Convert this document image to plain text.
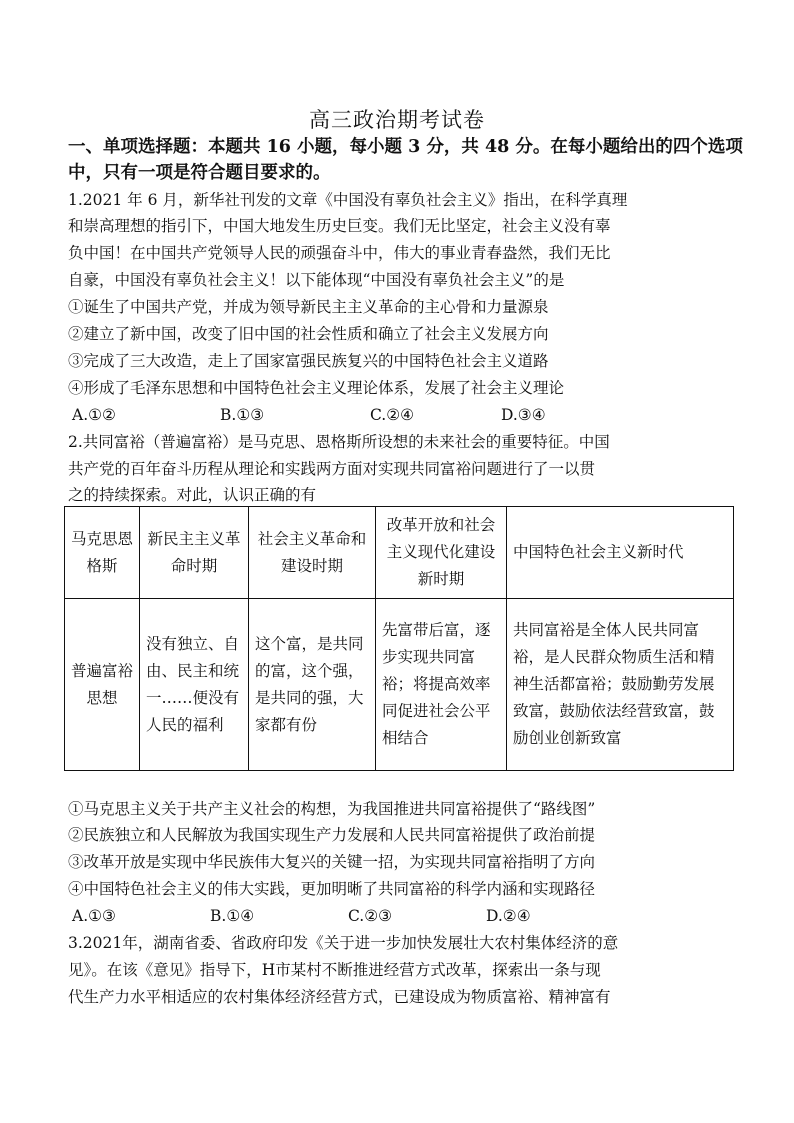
高三政治期考试卷
一、单项选择题：本题共 16 小题，每小题 3 分，共 48 分。在每小题给出的四个选项中，只有一项是符合题目要求的。
1.2021 年 6 月，新华社刊发的文章《中国没有辜负社会主义》指出，在科学真理
和崇高理想的指引下，中国大地发生历史巨变。我们无比坚定，社会主义没有辜
负中国！在中国共产党领导人民的顽强奋斗中，伟大的事业青春盎然，我们无比
自豪，中国没有辜负社会主义！以下能体现“中国没有辜负社会主义”的是
①诞生了中国共产党，并成为领导新民主主义革命的主心骨和力量源泉
②建立了新中国，改变了旧中国的社会性质和确立了社会主义发展方向
③完成了三大改造，走上了国家富强民族复兴的中国特色社会主义道路
④形成了毛泽东思想和中国特色社会主义理论体系，发展了社会主义理论
A.①②	B.①③	C.②④	D.③④
2.共同富裕（普遍富裕）是马克思、恩格斯所设想的未来社会的重要特征。中国
共产党的百年奋斗历程从理论和实践两方面对实现共同富裕问题进行了一以贯
之的持续探索。对此，认识正确的有
马克思恩格斯	新民主主义革命时期	社会主义革命和建设时期	改革开放和社会主义现代化建设新时期	中国特色社会主义新时代
普遍富裕思想	没有独立、自由、民主和统一……便没有人民的福利	这个富，是共同的富，这个强，是共同的强，大家都有份	先富带后富，逐步实现共同富裕；将提高效率同促进社会公平相结合	共同富裕是全体人民共同富裕，是人民群众物质生活和精神生活都富裕；鼓励勤劳发展致富，鼓励依法经营致富，鼓励创业创新致富
①马克思主义关于共产主义社会的构想，为我国推进共同富裕提供了“路线图”
②民族独立和人民解放为我国实现生产力发展和人民共同富裕提供了政治前提
③改革开放是实现中华民族伟大复兴的关键一招，为实现共同富裕指明了方向
④中国特色社会主义的伟大实践，更加明晰了共同富裕的科学内涵和实现路径
A.①③	B.①④	C.②③	D.②④
3.2021年，湖南省委、省政府印发《关于进一步加快发展壮大农村集体经济的意
见》。在该《意见》指导下，H市某村不断推进经营方式改革，探索出一条与现
代生产力水平相适应的农村集体经济经营方式，已建设成为物质富裕、精神富有
